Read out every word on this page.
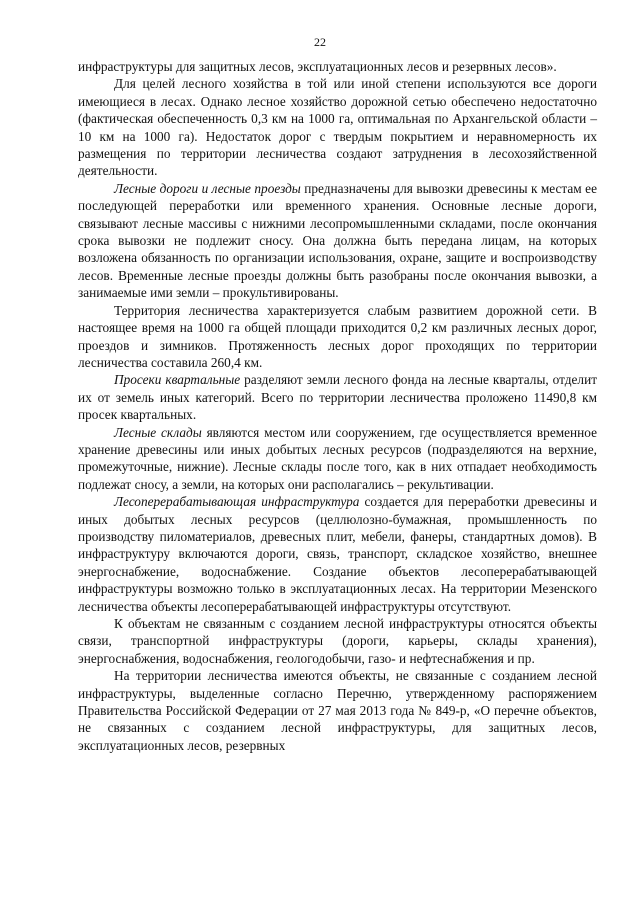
22

инфраструктуры для защитных лесов, эксплуатационных лесов и резервных лесов».

Для целей лесного хозяйства в той или иной степени используются все дороги имеющиеся в лесах. Однако лесное хозяйство дорожной сетью обеспечено недостаточно (фактическая обеспеченность 0,3 км на 1000 га, оптимальная по Архангельской области – 10 км на 1000 га). Недостаток дорог с твердым покрытием и неравномерность их размещения по территории лесничества создают затруднения в лесохозяйственной деятельности.

Лесные дороги и лесные проезды предназначены для вывозки древесины к местам ее последующей переработки или временного хранения. Основные лесные дороги, связывают лесные массивы с нижними лесопромышленными складами, после окончания срока вывозки не подлежит сносу. Она должна быть передана лицам, на которых возложена обязанность по организации использования, охране, защите и воспроизводству лесов. Временные лесные проезды должны быть разобраны после окончания вывозки, а занимаемые ими земли – прокультивированы.

Территория лесничества характеризуется слабым развитием дорожной сети. В настоящее время на 1000 га общей площади приходится 0,2 км различных лесных дорог, проездов и зимников. Протяженность лесных дорог проходящих по территории лесничества составила 260,4 км.

Просеки квартальные разделяют земли лесного фонда на лесные кварталы, отделит их от земель иных категорий. Всего по территории лесничества проложено 11490,8 км просек квартальных.

Лесные склады являются местом или сооружением, где осуществляется временное хранение древесины или иных добытых лесных ресурсов (подразделяются на верхние, промежуточные, нижние). Лесные склады после того, как в них отпадает необходимость подлежат сносу, а земли, на которых они располагались – рекультивации.

Лесоперерабатывающая инфраструктура создается для переработки древесины и иных добытых лесных ресурсов (целлюлозно-бумажная, промышленность по производству пиломатериалов, древесных плит, мебели, фанеры, стандартных домов). В инфраструктуру включаются дороги, связь, транспорт, складское хозяйство, внешнее энергоснабжение, водоснабжение. Создание объектов лесоперерабатывающей инфраструктуры возможно только в эксплуатационных лесах. На территории Мезенского лесничества объекты лесоперерабатывающей инфраструктуры отсутствуют.

К объектам не связанным с созданием лесной инфраструктуры относятся объекты связи, транспортной инфраструктуры (дороги, карьеры, склады хранения), энергоснабжения, водоснабжения, геологодобычи, газо- и нефтеснабжения и пр.

На территории лесничества имеются объекты, не связанные с созданием лесной инфраструктуры, выделенные согласно Перечню, утвержденному распоряжением Правительства Российской Федерации от 27 мая 2013 года № 849-р, «О перечне объектов, не связанных с созданием лесной инфраструктуры, для защитных лесов, эксплуатационных лесов, резервных
